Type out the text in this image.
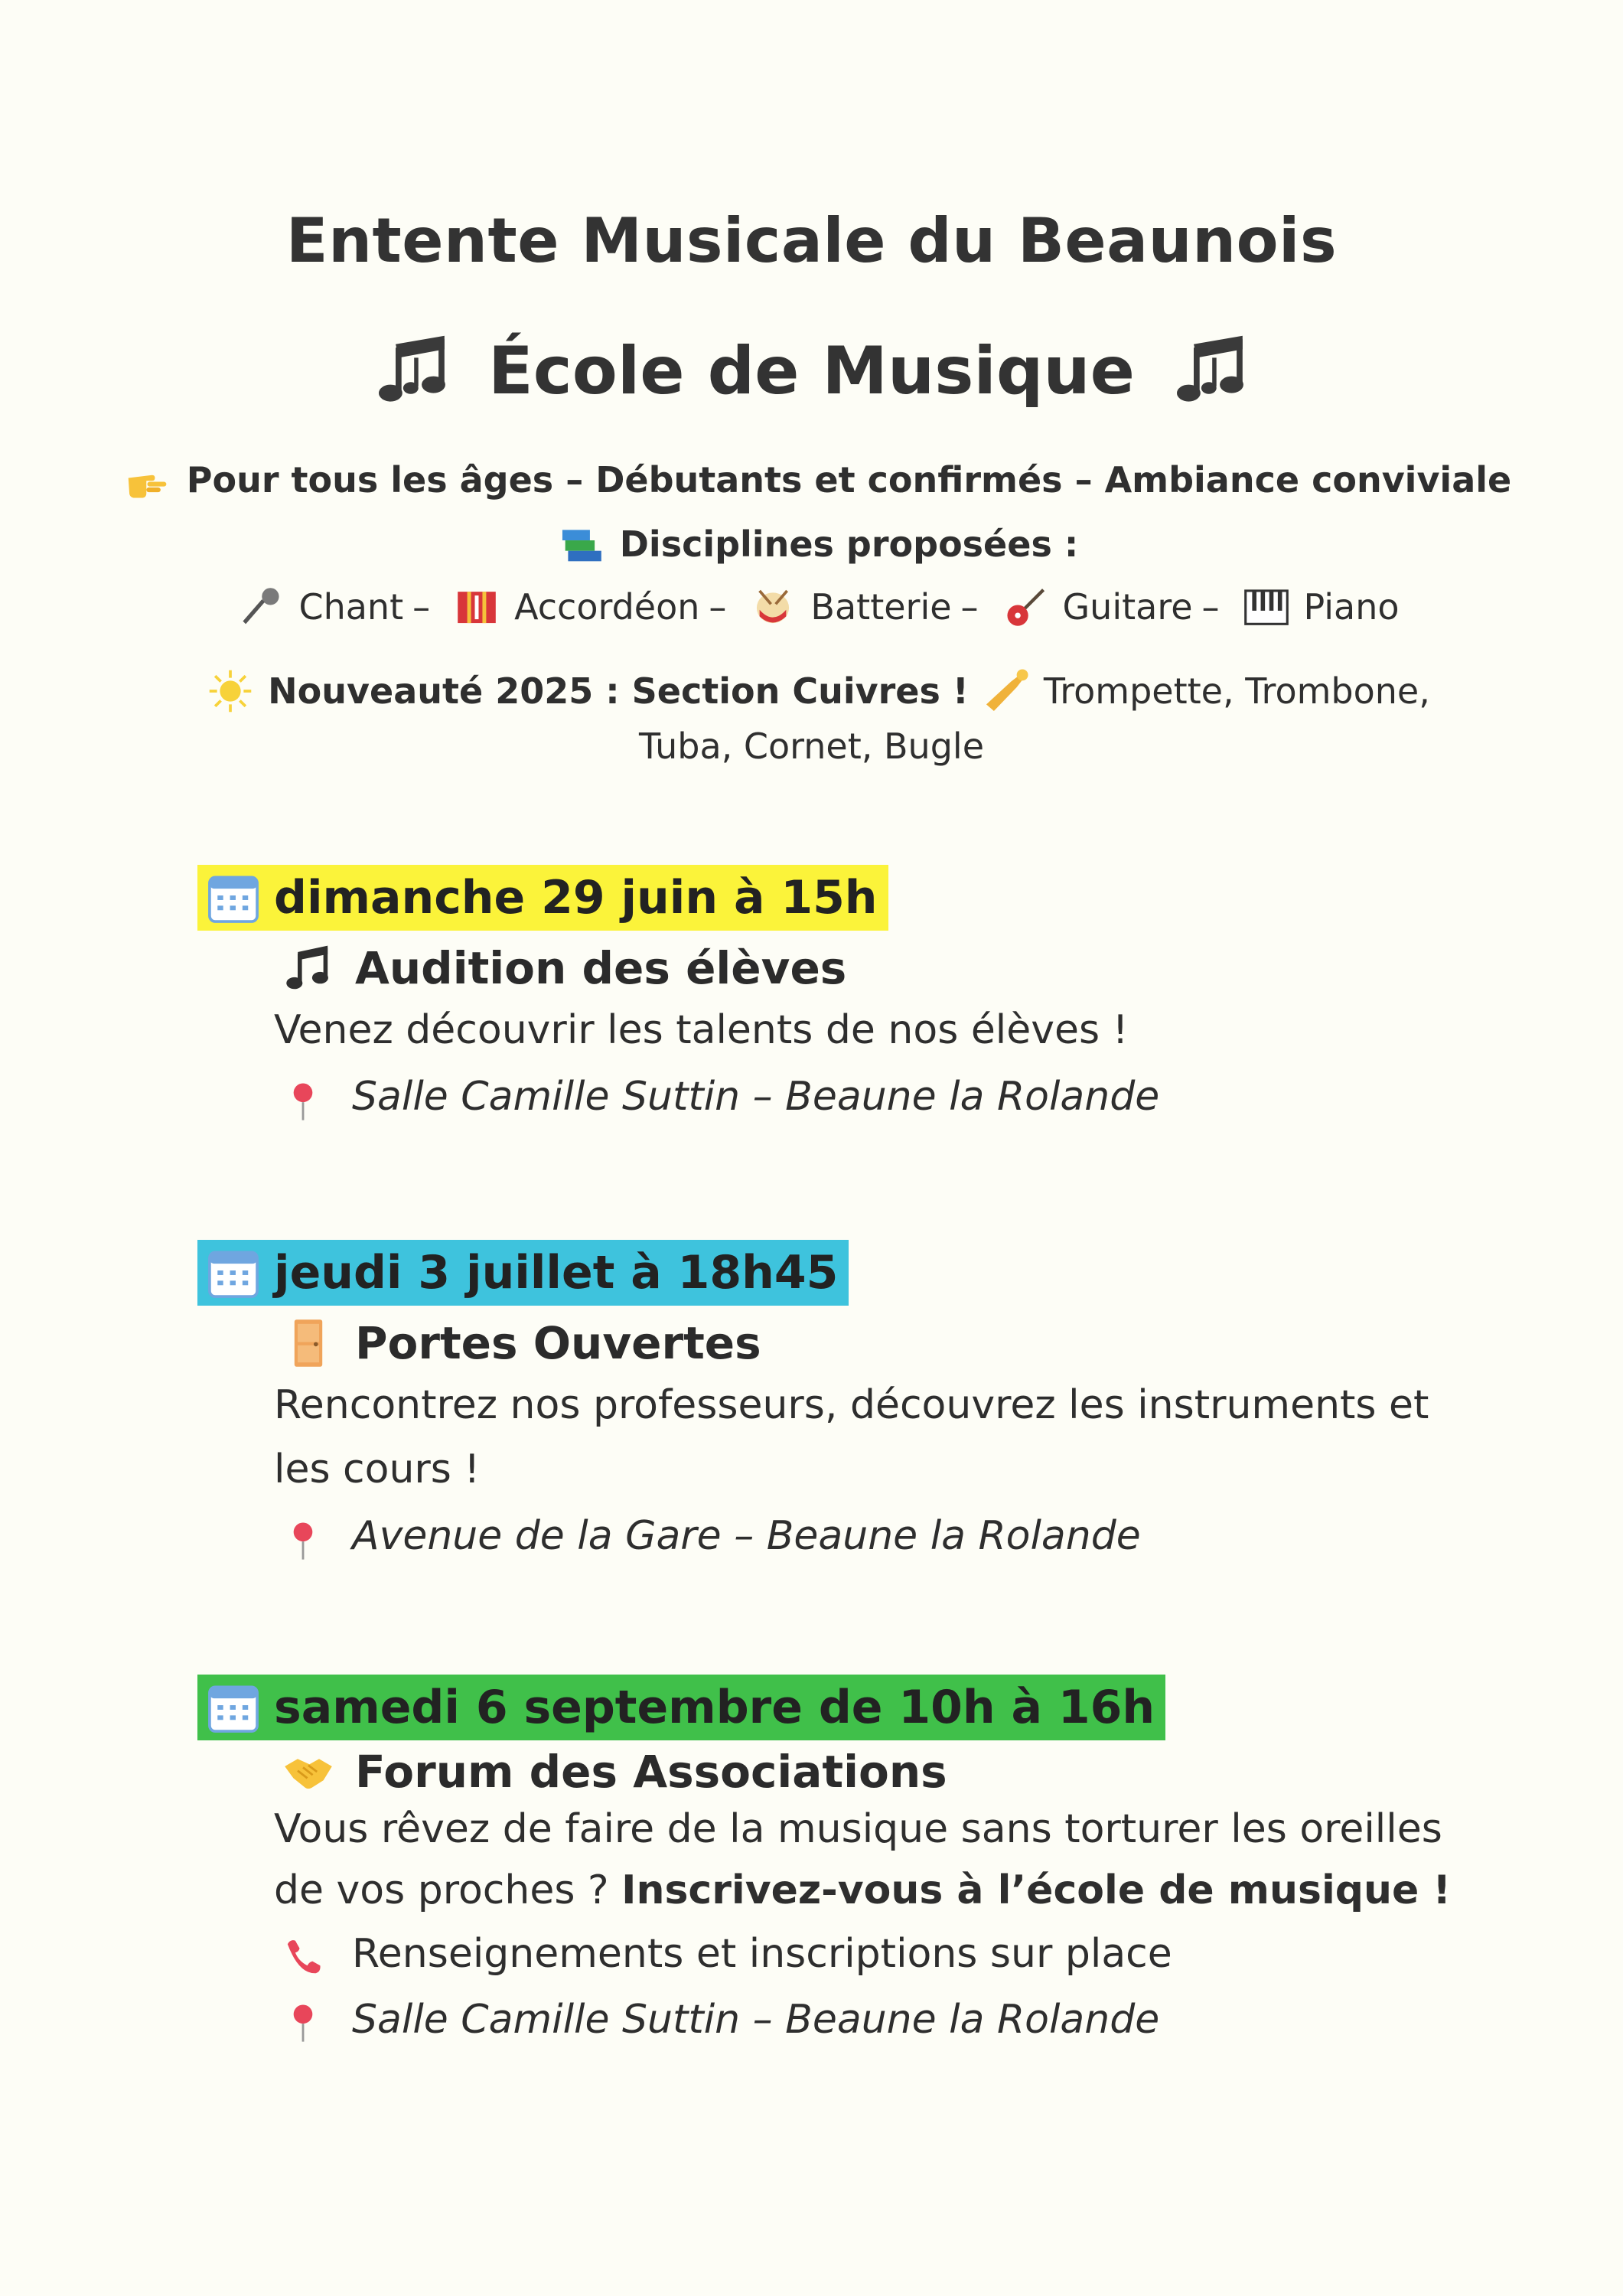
Entente Musicale du Beaunois
École de Musique
Pour tous les âges – Débutants et confirmés – Ambiance conviviale
Disciplines proposées :
Chant – Accordéon – Batterie – Guitare – Piano
Nouveauté 2025 : Section Cuivres ! Trompette, Trombone,
Tuba, Cornet, Bugle
dimanche 29 juin à 15h
Audition des élèves
Venez découvrir les talents de nos élèves !
Salle Camille Suttin – Beaune la Rolande
jeudi 3 juillet à 18h45
Portes Ouvertes
Rencontrez nos professeurs, découvrez les instruments et
les cours !
Avenue de la Gare – Beaune la Rolande
samedi 6 septembre de 10h à 16h
Forum des Associations
Vous rêvez de faire de la musique sans torturer les oreilles
de vos proches ? Inscrivez-vous à l’école de musique !
Renseignements et inscriptions sur place
Salle Camille Suttin – Beaune la Rolande
